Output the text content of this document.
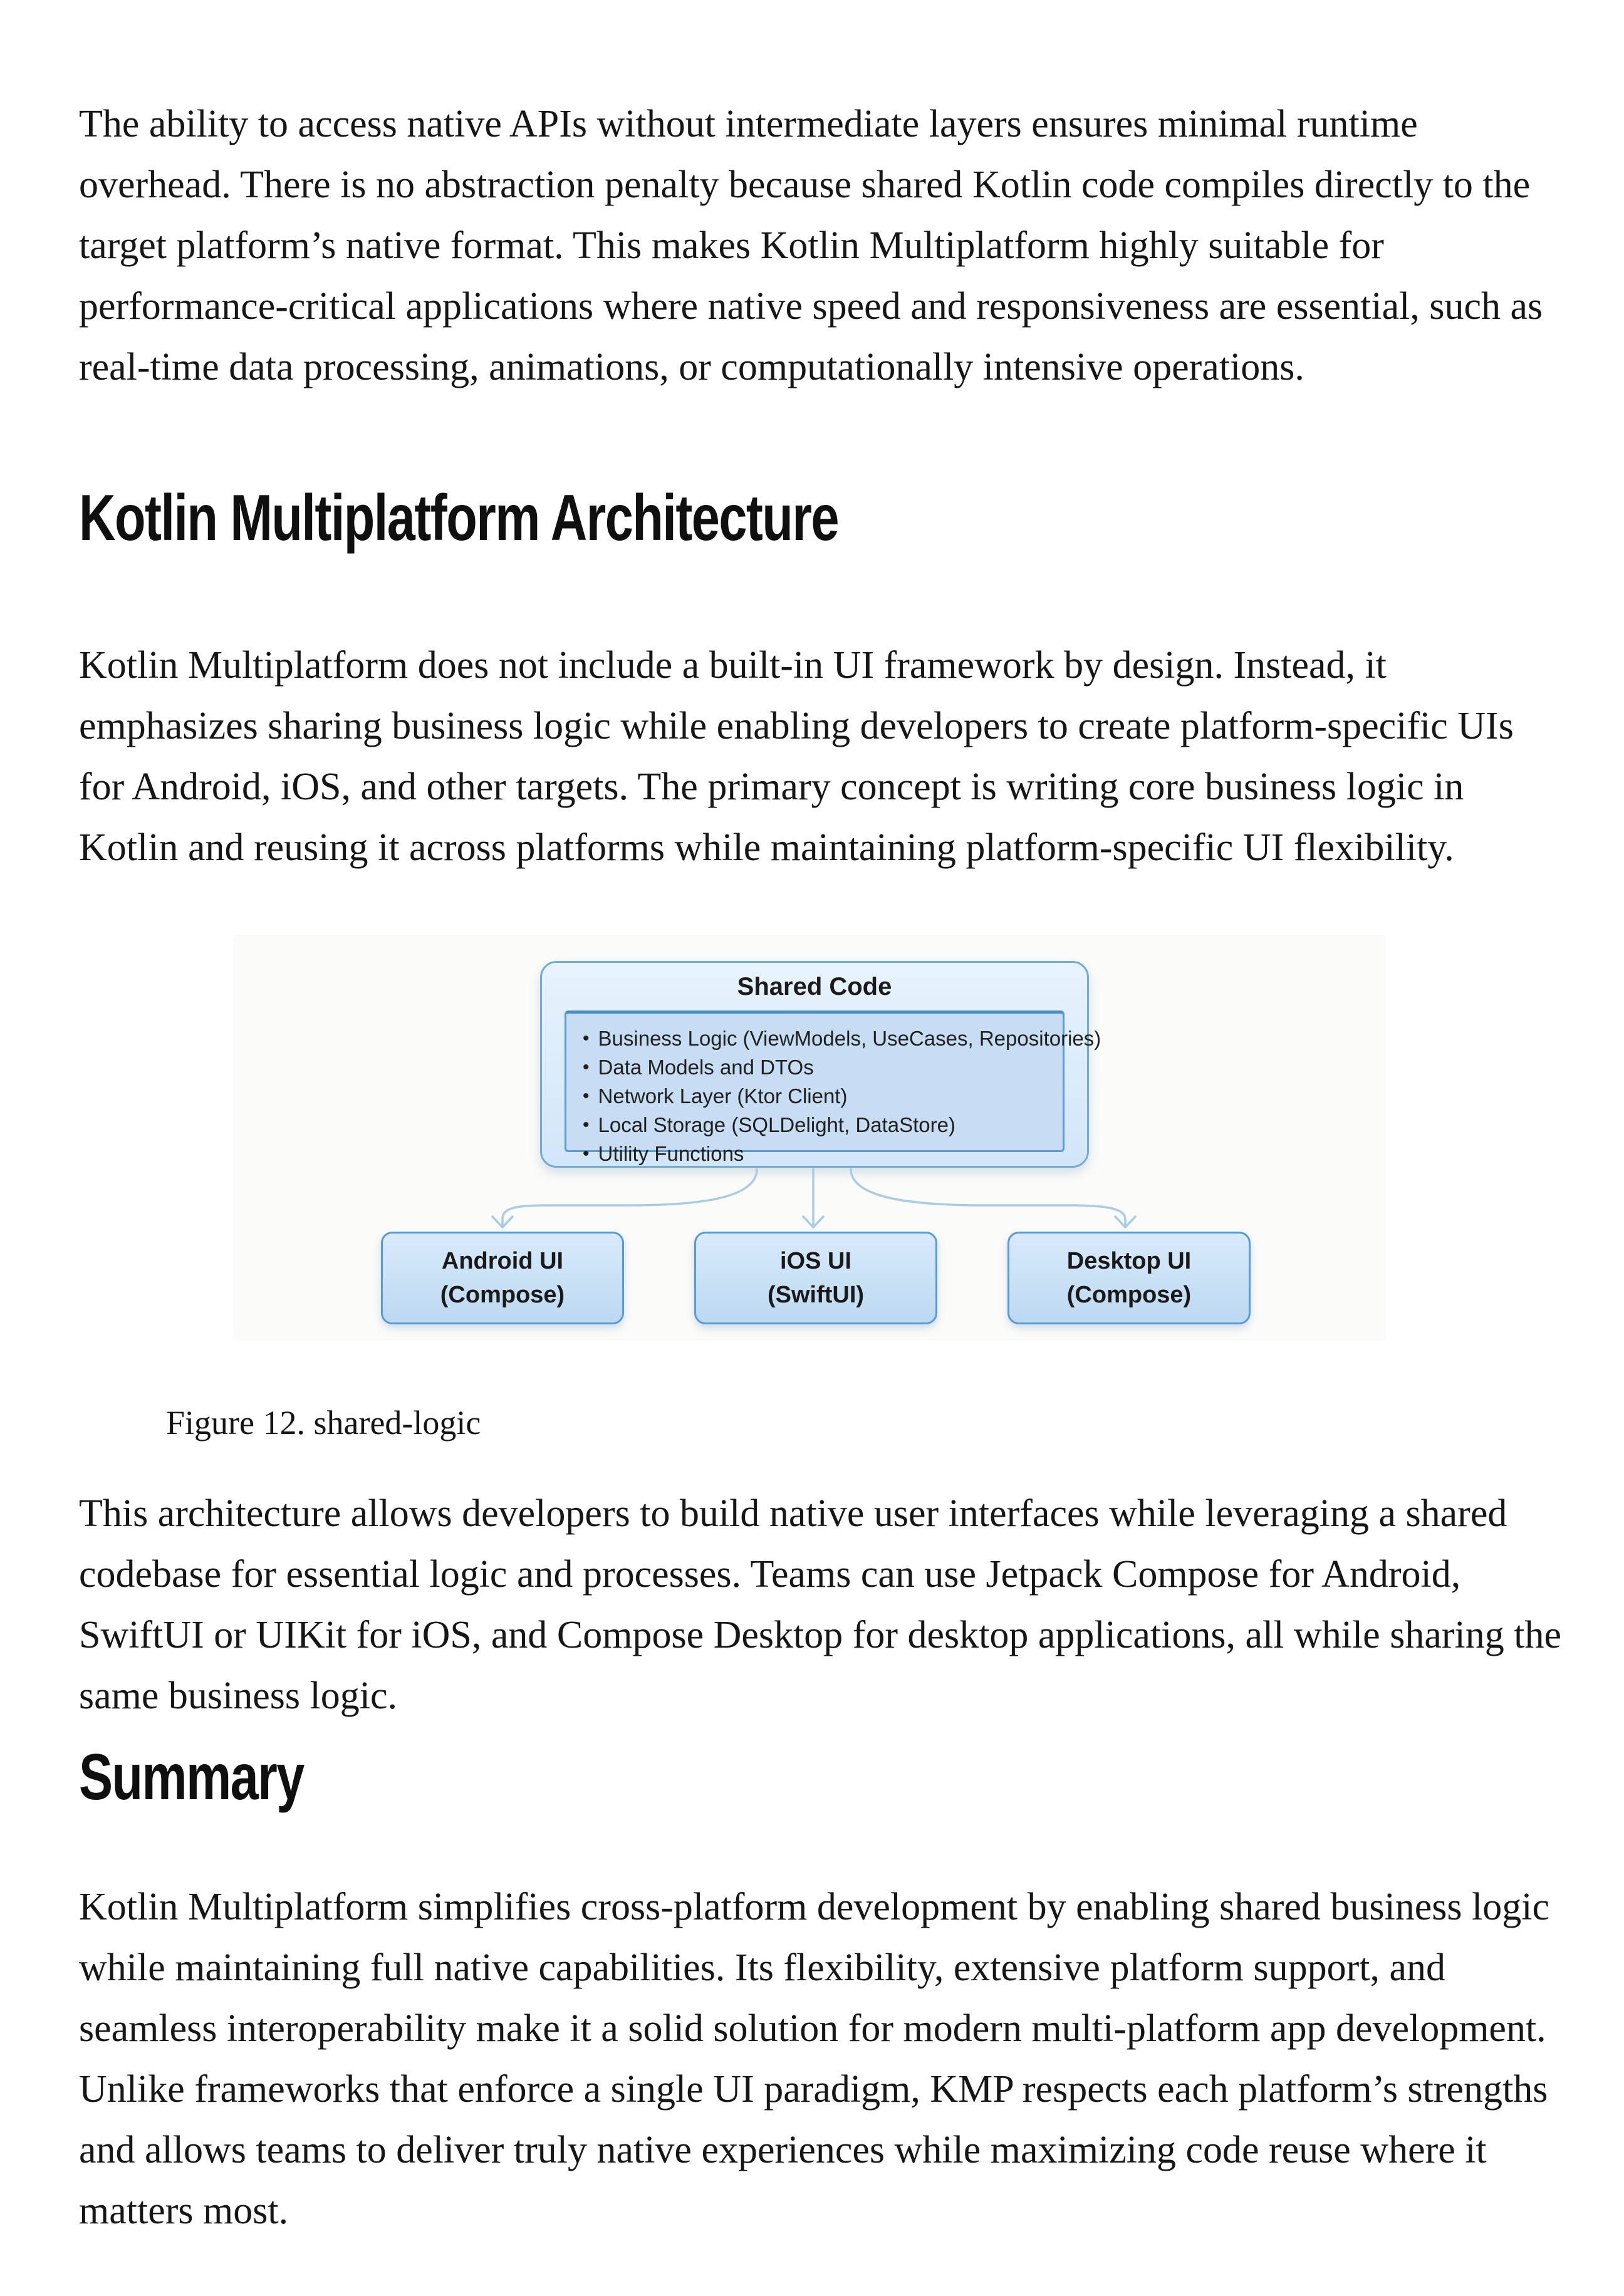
The ability to access native APIs without intermediate layers ensures minimal runtime overhead. There is no abstraction penalty because shared Kotlin code compiles directly to the target platform’s native format. This makes Kotlin Multiplatform highly suitable for performance-critical applications where native speed and responsiveness are essential, such as real-time data processing, animations, or computationally intensive operations.

Kotlin Multiplatform Architecture

Kotlin Multiplatform does not include a built-in UI framework by design. Instead, it emphasizes sharing business logic while enabling developers to create platform-specific UIs for Android, iOS, and other targets. The primary concept is writing core business logic in Kotlin and reusing it across platforms while maintaining platform-specific UI flexibility.

Shared Code
• Business Logic (ViewModels, UseCases, Repositories)
• Data Models and DTOs
• Network Layer (Ktor Client)
• Local Storage (SQLDelight, DataStore)
• Utility Functions
Android UI
(Compose)
iOS UI
(SwiftUI)
Desktop UI
(Compose)

Figure 12. shared-logic

This architecture allows developers to build native user interfaces while leveraging a shared codebase for essential logic and processes. Teams can use Jetpack Compose for Android, SwiftUI or UIKit for iOS, and Compose Desktop for desktop applications, all while sharing the same business logic.

Summary

Kotlin Multiplatform simplifies cross-platform development by enabling shared business logic while maintaining full native capabilities. Its flexibility, extensive platform support, and seamless interoperability make it a solid solution for modern multi-platform app development. Unlike frameworks that enforce a single UI paradigm, KMP respects each platform’s strengths and allows teams to deliver truly native experiences while maximizing code reuse where it matters most.
